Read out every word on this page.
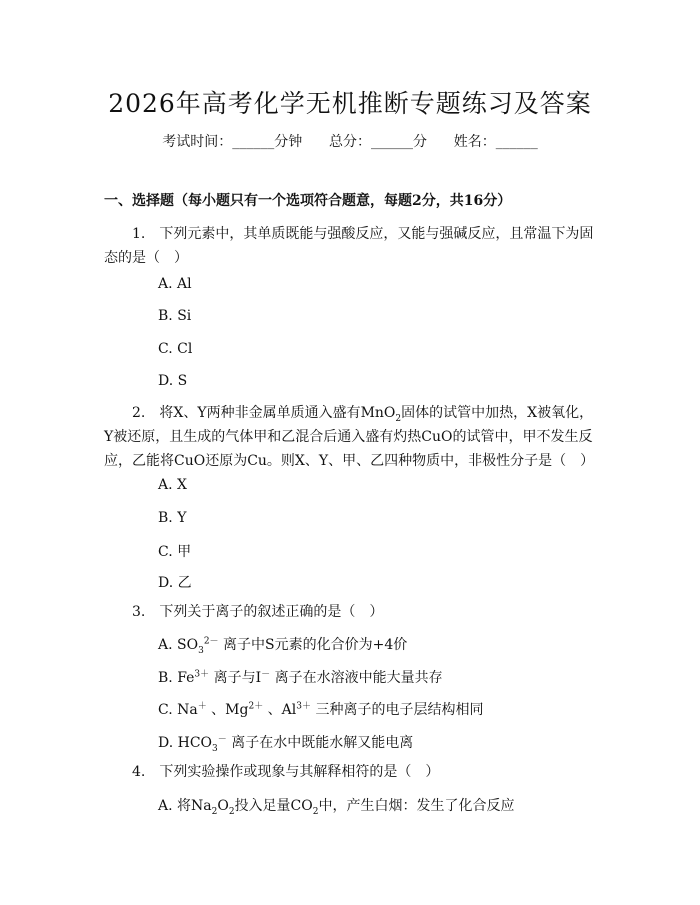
2026年高考化学无机推断专题练习及答案
考试时间：______分钟      总分：______分      姓名：______
一、选择题（每小题只有一个选项符合题意，每题2分，共16分）
1.　下列元素中，其单质既能与强酸反应，又能与强碱反应，且常温下为固态的是（　）
A. Al
B. Si
C. Cl
D. S
2.　将X、Y两种非金属单质通入盛有MnO$_2$固体的试管中加热，X被氧化，Y被还原，且生成的气体甲和乙混合后通入盛有灼热CuO的试管中，甲不发生反应，乙能将CuO还原为Cu。则X、Y、甲、乙四种物质中，非极性分子是（　）
A. X
B. Y
C. 甲
D. 乙
3.　下列关于离子的叙述正确的是（　）
A. $SO_3^{2-}$ 离子中S元素的化合价为+4价
B. $Fe^{3+}$ 离子与I－ 离子在水溶液中能大量共存
C. Na＋ 、$Mg^{2+}$ 、$Al^{3+}$ 三种离子的电子层结构相同
D. $HCO_3^-$ 离子在水中既能水解又能电离
4.　下列实验操作或现象与其解释相符的是（　）
A. 将$Na_2O_2$投入足量$CO_2$中，产生白烟：发生了化合反应
